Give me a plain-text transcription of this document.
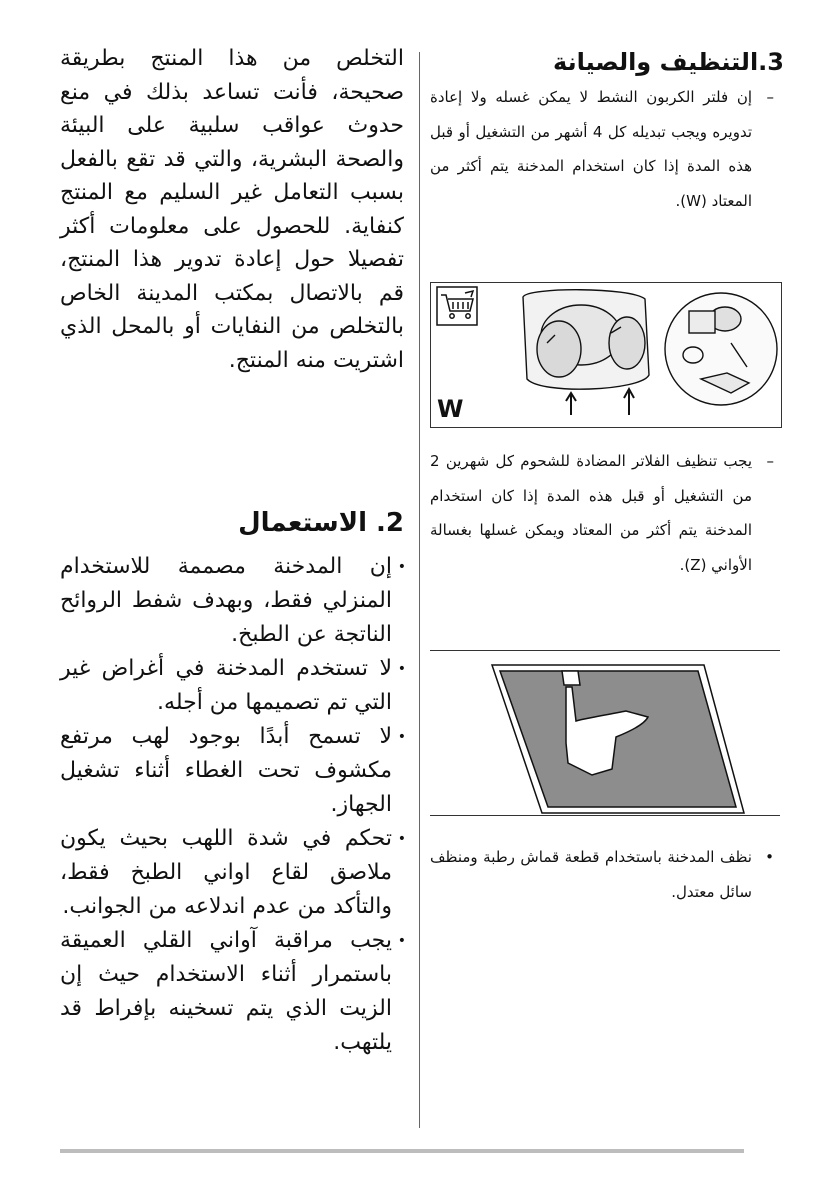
التخلص من هذا المنتج بطريقة صحيحة، فأنت تساعد بذلك في منع حدوث عواقب سلبية على البيئة والصحة البشرية، والتي قد تقع بالفعل بسبب التعامل غير السليم مع المنتج كنفاية. للحصول على معلومات أكثر تفصيلا حول إعادة تدوير هذا المنتج، قم بالاتصال بمكتب المدينة الخاص بالتخلص من النفايات أو بالمحل الذي اشتريت منه المنتج.

2. الاستعمال
•
إن المدخنة مصممة للاستخدام المنزلي فقط، وبهدف شفط الروائح الناتجة عن الطبخ.
•
لا تستخدم المدخنة في أغراض غير التي تم تصميمها من أجله.
•
لا تسمح أبدًا بوجود لهب مرتفع مكشوف تحت الغطاء أثناء تشغيل الجهاز.
•
تحكم في شدة اللهب بحيث يكون ملاصق لقاع اواني الطبخ فقط، والتأكد من عدم اندلاعه من الجوانب.
•
يجب مراقبة آواني القلي العميقة باستمرار أثناء الاستخدام حيث إن الزيت الذي يتم تسخينه بإفراط قد يلتهب.
3.التنظيف والصيانة

–
إن فلتر الكربون النشط لا يمكن غسله ولا إعادة تدويره ويجب تبديله كل 4 أشهر من التشغيل أو قبل هذه المدة إذا كان استخدام المدخنة يتم أكثر من المعتاد (W).

W

–
يجب تنظيف الفلاتر المضادة للشحوم كل شهرين 2 من التشغيل أو قبل هذه المدة إذا كان استخدام المدخنة يتم أكثر من المعتاد ويمكن غسلها بغسالة الأواني (Z).

•
نظف المدخنة باستخدام قطعة قماش رطبة ومنظف سائل معتدل.
